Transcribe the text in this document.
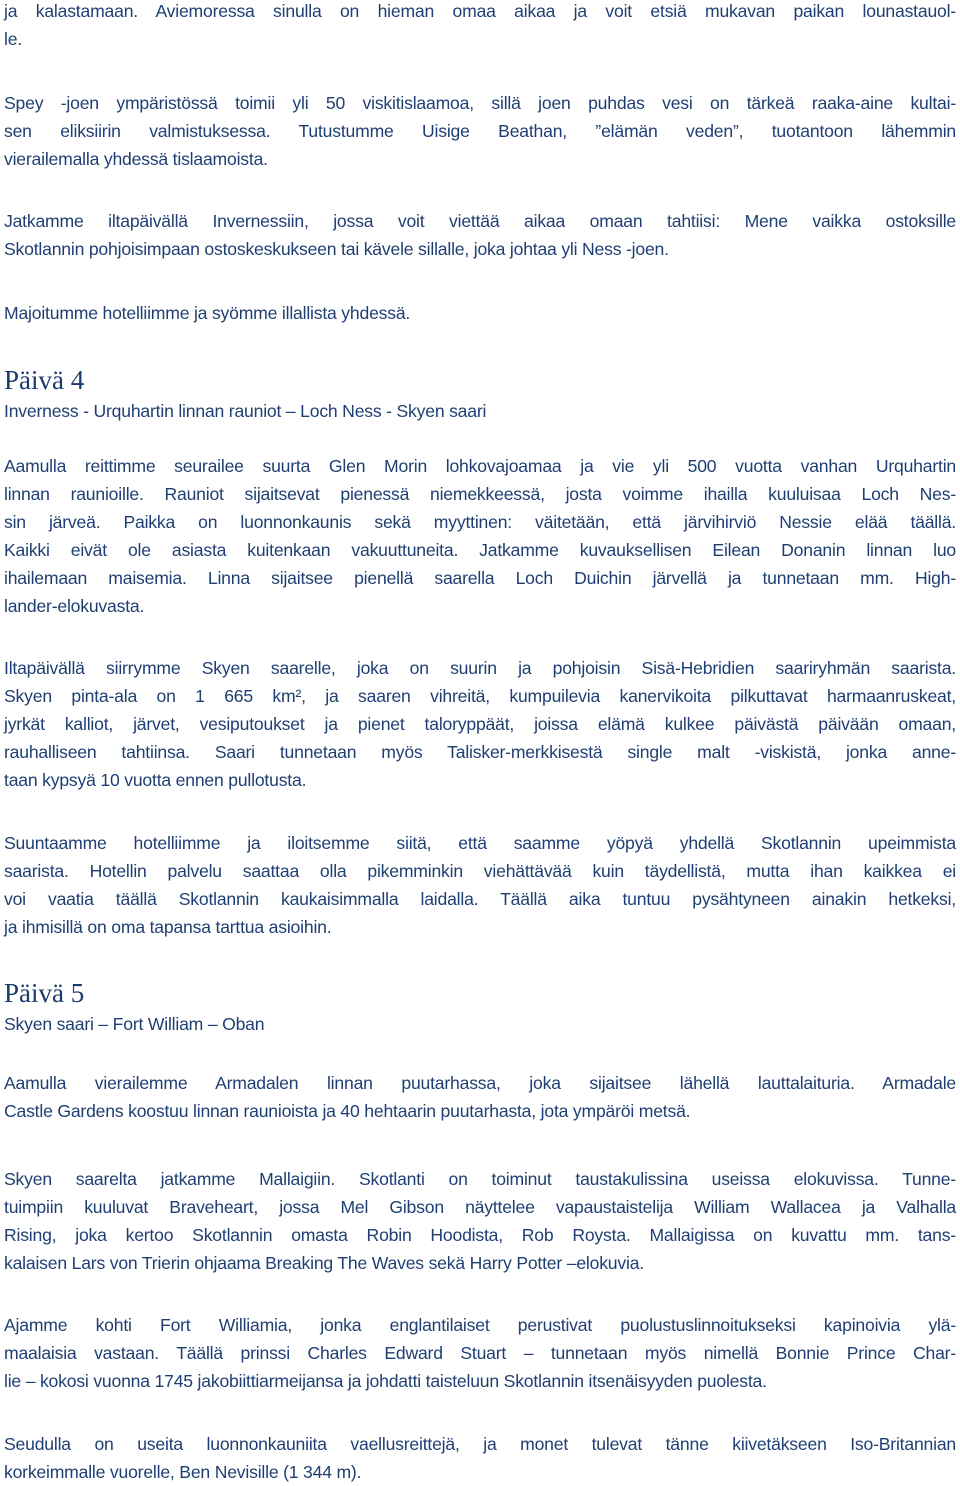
ja kalastamaan. Aviemoressa sinulla on hieman omaa aikaa ja voit etsiä mukavan paikan lounastauol-
le.
Spey -joen ympäristössä toimii yli 50 viskitislaamoa, sillä joen puhdas vesi on tärkeä raaka-aine kultai-
sen eliksiirin valmistuksessa. Tutustumme Uisige Beathan, ”elämän veden”, tuotantoon lähemmin
vierailemalla yhdessä tislaamoista.
Jatkamme iltapäivällä Invernessiin, jossa voit viettää aikaa omaan tahtiisi: Mene vaikka ostoksille
Skotlannin pohjoisimpaan ostoskeskukseen tai kävele sillalle, joka johtaa yli Ness -joen.
Majoitumme hotelliimme ja syömme illallista yhdessä.
Päivä 4
Inverness - Urquhartin linnan rauniot – Loch Ness - Skyen saari
Aamulla reittimme seurailee suurta Glen Morin lohkovajoamaa ja vie yli 500 vuotta vanhan Urquhartin
linnan raunioille. Rauniot sijaitsevat pienessä niemekkeessä, josta voimme ihailla kuuluisaa Loch Nes-
sin järveä. Paikka on luonnonkaunis sekä myyttinen: väitetään, että järvihirviö Nessie elää täällä.
Kaikki eivät ole asiasta kuitenkaan vakuuttuneita. Jatkamme kuvauksellisen Eilean Donanin linnan luo
ihailemaan maisemia. Linna sijaitsee pienellä saarella Loch Duichin järvellä ja tunnetaan mm. High-
lander-elokuvasta.
Iltapäivällä siirrymme Skyen saarelle, joka on suurin ja pohjoisin Sisä-Hebridien saariryhmän saarista.
Skyen pinta-ala on 1 665 km², ja saaren vihreitä, kumpuilevia kanervikoita pilkuttavat harmaanruskeat,
jyrkät kalliot, järvet, vesiputoukset ja pienet taloryppäät, joissa elämä kulkee päivästä päivään omaan,
rauhalliseen tahtiinsa. Saari tunnetaan myös Talisker-merkkisestä single malt -viskistä, jonka anne-
taan kypsyä 10 vuotta ennen pullotusta.
Suuntaamme hotelliimme ja iloitsemme siitä, että saamme yöpyä yhdellä Skotlannin upeimmista
saarista. Hotellin palvelu saattaa olla pikemminkin viehättävää kuin täydellistä, mutta ihan kaikkea ei
voi vaatia täällä Skotlannin kaukaisimmalla laidalla. Täällä aika tuntuu pysähtyneen ainakin hetkeksi,
ja ihmisillä on oma tapansa tarttua asioihin.
Päivä 5
Skyen saari – Fort William – Oban
Aamulla vierailemme Armadalen linnan puutarhassa, joka sijaitsee lähellä lauttalaituria. Armadale
Castle Gardens koostuu linnan raunioista ja 40 hehtaarin puutarhasta, jota ympäröi metsä.
Skyen saarelta jatkamme Mallaigiin. Skotlanti on toiminut taustakulissina useissa elokuvissa. Tunne-
tuimpiin kuuluvat Braveheart, jossa Mel Gibson näyttelee vapaustaistelija William Wallacea ja Valhalla
Rising, joka kertoo Skotlannin omasta Robin Hoodista, Rob Roysta. Mallaigissa on kuvattu mm. tans-
kalaisen Lars von Trierin ohjaama Breaking The Waves sekä Harry Potter –elokuvia.
Ajamme kohti Fort Williamia, jonka englantilaiset perustivat puolustuslinnoitukseksi kapinoivia ylä-
maalaisia vastaan. Täällä prinssi Charles Edward Stuart – tunnetaan myös nimellä Bonnie Prince Char-
lie – kokosi vuonna 1745 jakobiittiarmeijansa ja johdatti taisteluun Skotlannin itsenäisyyden puolesta.
Seudulla on useita luonnonkauniita vaellusreittejä, ja monet tulevat tänne kiivetäkseen Iso-Britannian
korkeimmalle vuorelle, Ben Nevisille (1 344 m).
